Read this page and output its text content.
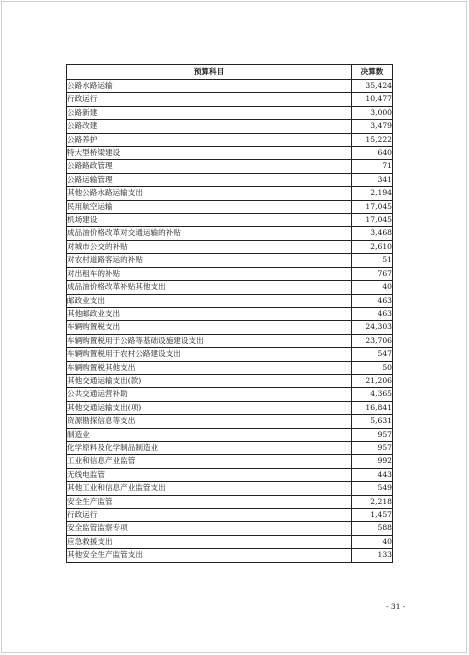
预算科目	决算数
公路水路运输	35,424
行政运行	10,477
公路新建	3,000
公路改建	3,479
公路养护	15,222
特大型桥梁建设	640
公路路政管理	71
公路运输管理	341
其他公路水路运输支出	2,194
民用航空运输	17,045
机场建设	17,045
成品油价格改革对交通运输的补贴	3,468
对城市公交的补贴	2,610
对农村道路客运的补贴	51
对出租车的补贴	767
成品油价格改革补贴其他支出	40
邮政业支出	463
其他邮政业支出	463
车辆购置税支出	24,303
车辆购置税用于公路等基础设施建设支出	23,706
车辆购置税用于农村公路建设支出	547
车辆购置税其他支出	50
其他交通运输支出(款)	21,206
公共交通运营补助	4,365
其他交通运输支出(项)	16,841
资源勘探信息等支出	5,631
制造业	957
化学原料及化学制品制造业	957
工业和信息产业监管	992
无线电监管	443
其他工业和信息产业监管支出	549
安全生产监管	2,218
行政运行	1,457
安全监管监察专项	588
应急救援支出	40
其他安全生产监管支出	133
- 31 -
